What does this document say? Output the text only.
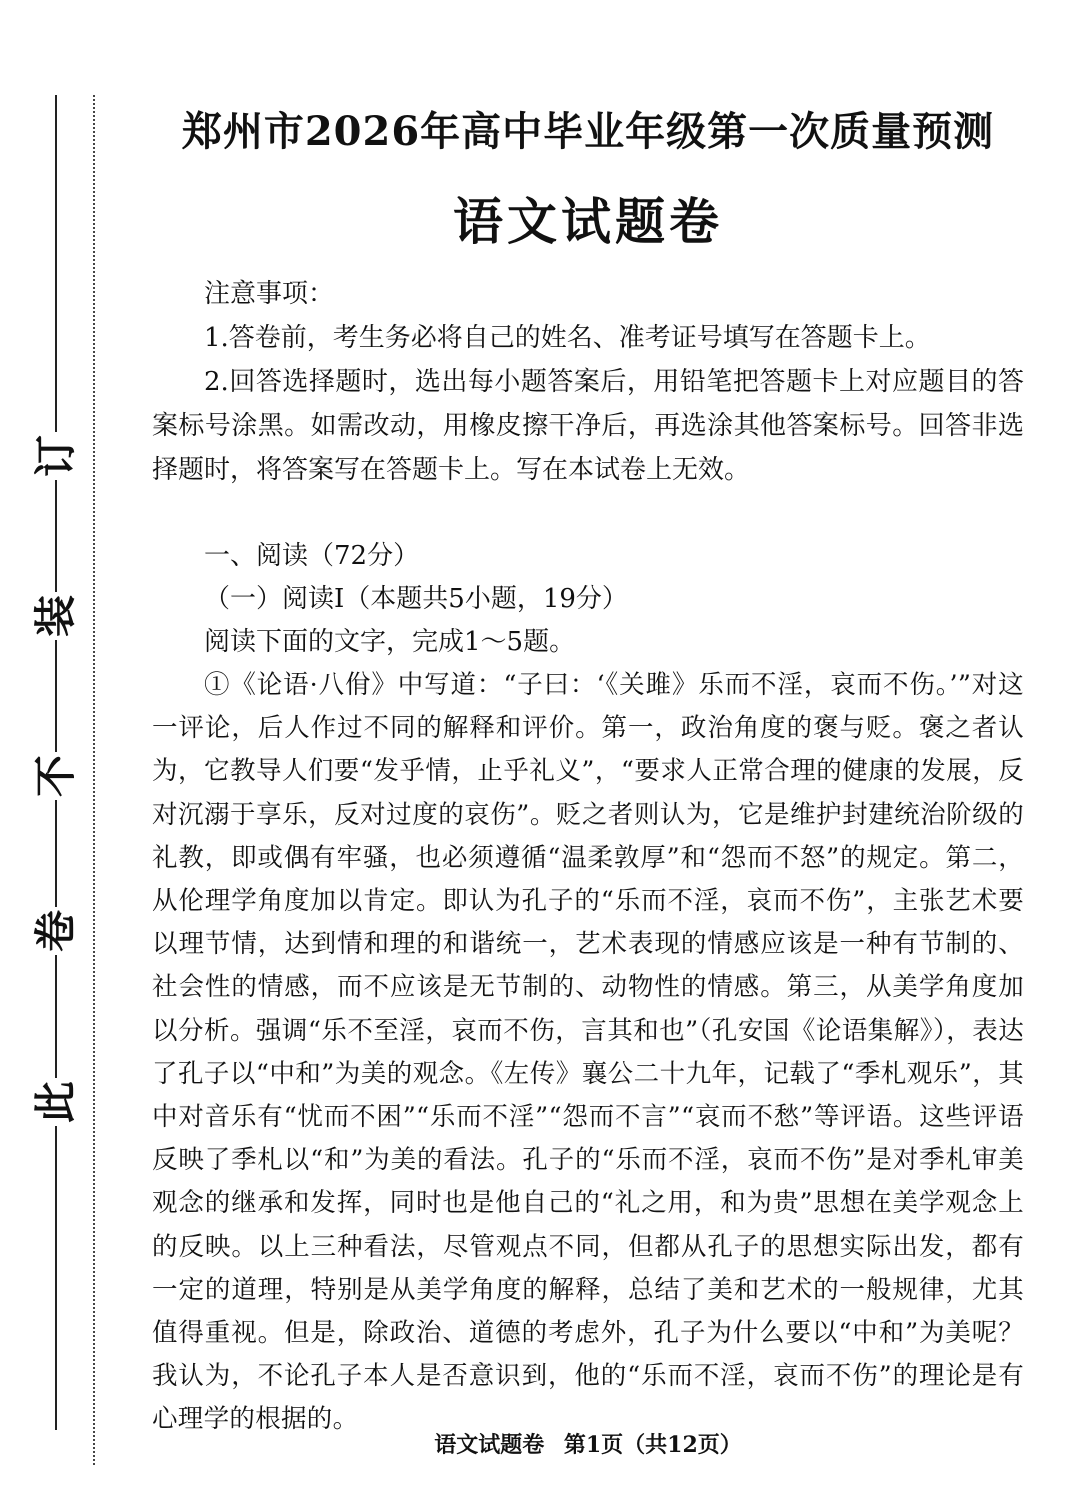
此
卷
不
装
订
郑州市2026年高中毕业年级第一次质量预测
语文试题卷
注意事项：

1.答卷前，考生务必将自己的姓名、准考证号填写在答题卡上。

2.回答选择题时，选出每小题答案后，用铅笔把答题卡上对应题目的答案标号涂黑。如需改动，用橡皮擦干净后，再选涂其他答案标号。回答非选择题时，将答案写在答题卡上。写在本试卷上无效。

一、阅读（72分）
（一）阅读Ⅰ（本题共5小题，19分）
阅读下面的文字，完成1～5题。

①《论语·八佾》中写道：“子曰：‘《关雎》乐而不淫，哀而不伤。’”对这一评论，后人作过不同的解释和评价。第一，政治角度的褒与贬。褒之者认为，它教导人们要“发乎情，止乎礼义”，“要求人正常合理的健康的发展，反对沉溺于享乐，反对过度的哀伤”。贬之者则认为，它是维护封建统治阶级的礼教，即或偶有牢骚，也必须遵循“温柔敦厚”和“怨而不怒”的规定。第二，从伦理学角度加以肯定。即认为孔子的“乐而不淫，哀而不伤”，主张艺术要以理节情，达到情和理的和谐统一，艺术表现的情感应该是一种有节制的、社会性的情感，而不应该是无节制的、动物性的情感。第三，从美学角度加以分析。强调“乐不至淫，哀而不伤，言其和也”（孔安国《论语集解》），表达了孔子以“中和”为美的观念。《左传》襄公二十九年，记载了“季札观乐”，其中对音乐有“忧而不困”“乐而不淫”“怨而不言”“哀而不愁”等评语。这些评语反映了季札以“和”为美的看法。孔子的“乐而不淫，哀而不伤”是对季札审美观念的继承和发挥，同时也是他自己的“礼之用，和为贵”思想在美学观念上的反映。以上三种看法，尽管观点不同，但都从孔子的思想实际出发，都有一定的道理，特别是从美学角度的解释，总结了美和艺术的一般规律，尤其值得重视。但是，除政治、道德的考虑外，孔子为什么要以“中和”为美呢？我认为，不论孔子本人是否意识到，他的“乐而不淫，哀而不伤”的理论是有心理学的根据的。

语文试题卷 第1页（共12页）
